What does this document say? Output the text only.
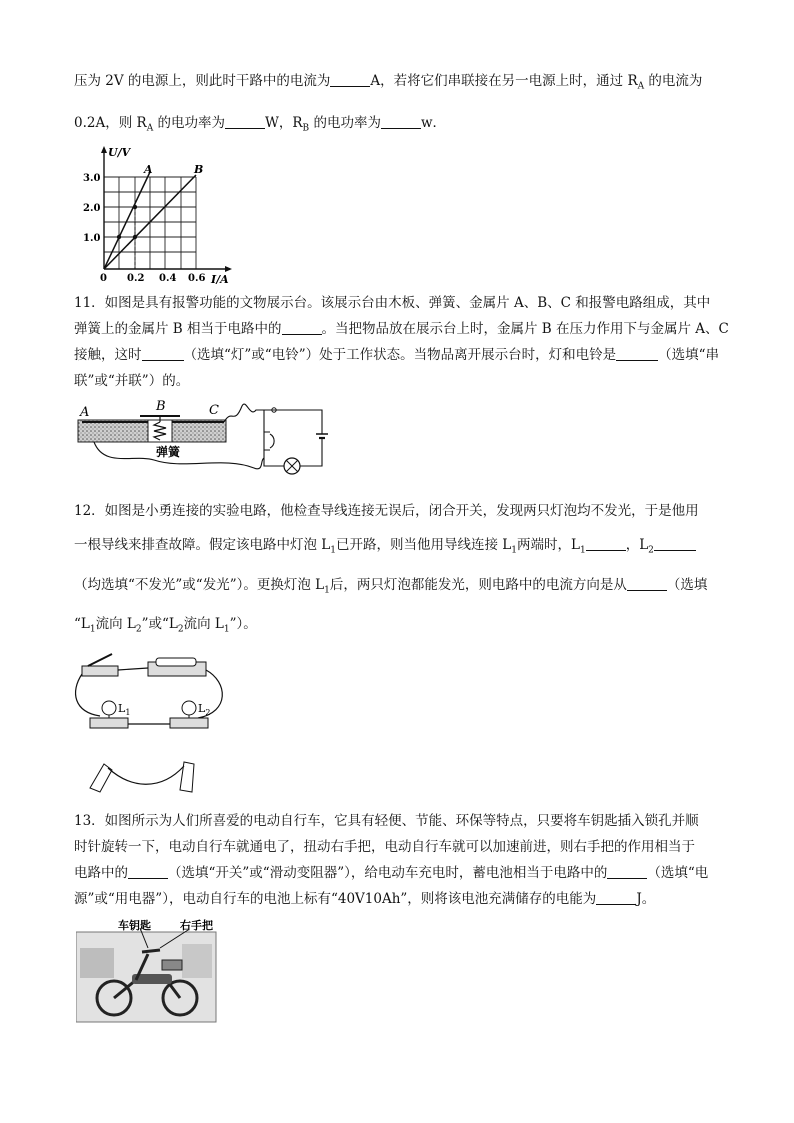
压为 2V 的电源上，则此时干路中的电流为	A，若将它们串联接在另一电源上时，通过 $R_A$ 的电流为
0.2A，则 $R_A$ 的电功率为	W，$R_B$ 的电功率为	w．
U/V
I/A
3.0
2.0
1.0
0 0.2 0.4 0.6
A	B
11．如图是具有报警功能的文物展示台。该展示台由木板、弹簧、金属片 A、B、C 和报警电路组成，其中
弹簧上的金属片 B 相当于电路中的	。当把物品放在展示台上时，金属片 B 在压力作用下与金属片 A、C
接触，这时	（选填“灯”或“电铃”）处于工作状态。当物品离开展示台时，灯和电铃是	（选填“串
联”或“并联”）的。
A	B	C
弹簧
12．如图是小勇连接的实验电路，他检查导线连接无误后，闭合开关，发现两只灯泡均不发光，于是他用
一根导线来排查故障。假定该电路中灯泡 $L_1$已开路，则当他用导线连接 $L_1$两端时，$L_1$	，$L_2$
（均选填“不发光”或“发光”）。更换灯泡 $L_1$后，两只灯泡都能发光，则电路中的电流方向是从	（选填
“$L_1$流向 $L_2$”或“$L_2$流向 $L_1$”）。
$L_1$	$L_2$
13．如图所示为人们所喜爱的电动自行车，它具有轻便、节能、环保等特点，只要将车钥匙插入锁孔并顺
时针旋转一下，电动自行车就通电了，扭动右手把，电动自行车就可以加速前进，则右手把的作用相当于
电路中的	（选填“开关”或“滑动变阻器”），给电动车充电时，蓄电池相当于电路中的	（选填“电
源”或“用电器”），电动自行车的电池上标有“40V10Ah”，则将该电池充满储存的电能为	J。
车钥匙	右手把
